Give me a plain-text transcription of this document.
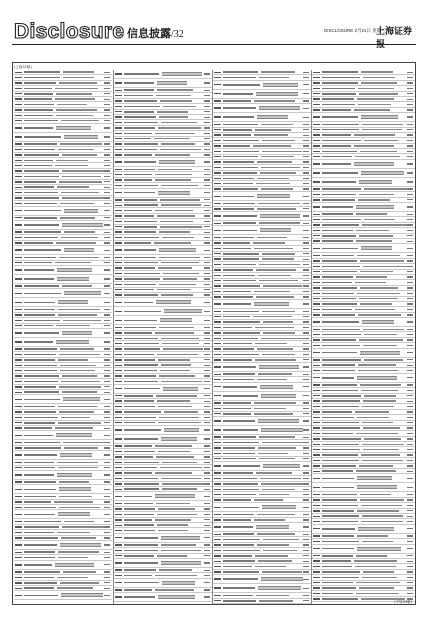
Disclosure 信息披露/32	DISCLOSURE 2月21日 星期三
上海证券报
(上接31版)
(下转33版)
